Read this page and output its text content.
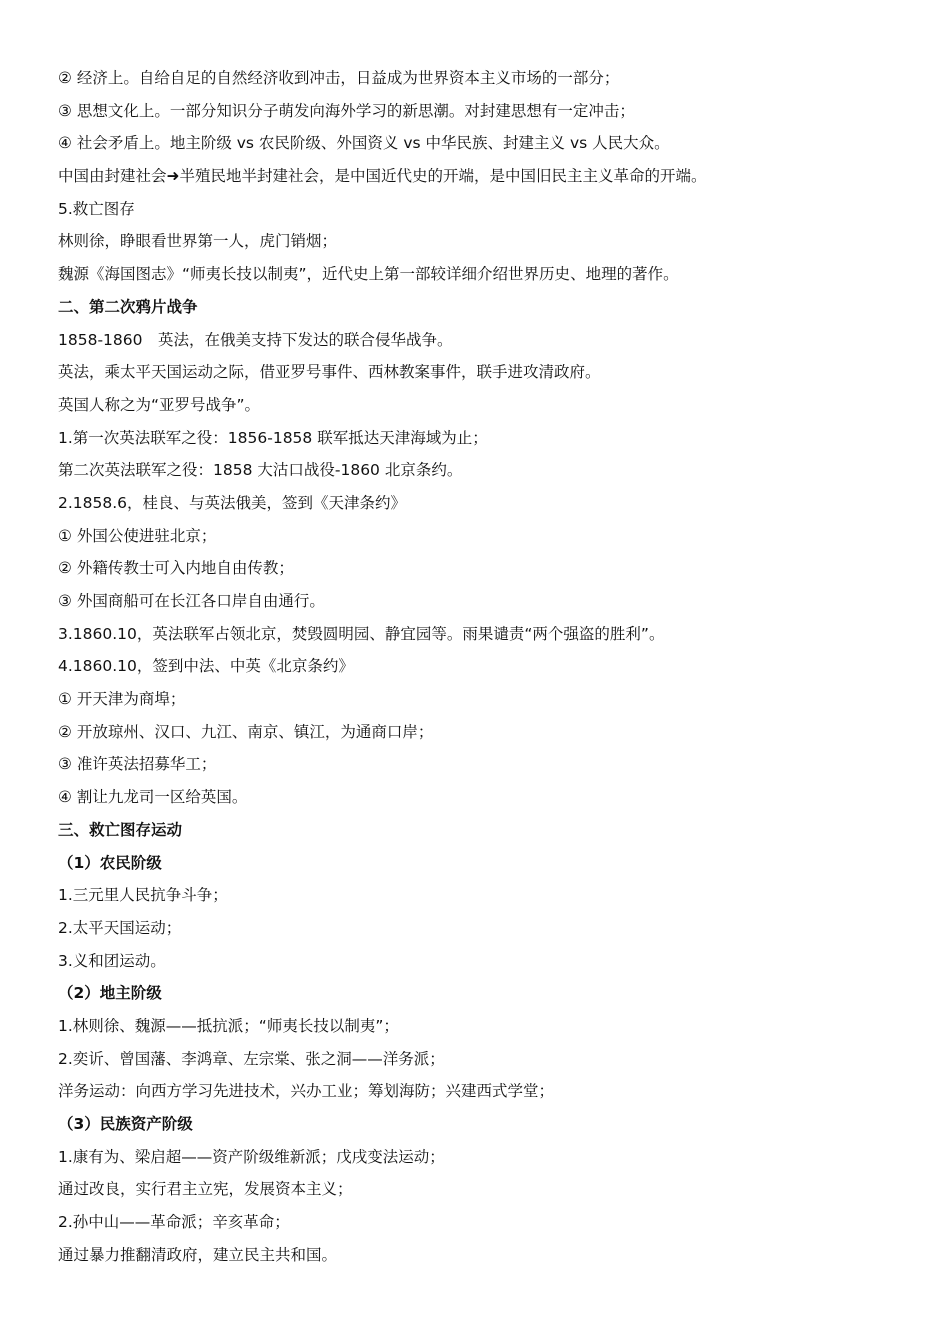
② 经济上。自给自足的自然经济收到冲击，日益成为世界资本主义市场的一部分；
③ 思想文化上。一部分知识分子萌发向海外学习的新思潮。对封建思想有一定冲击；
④ 社会矛盾上。地主阶级 vs 农民阶级、外国资义 vs 中华民族、封建主义 vs 人民大众。
中国由封建社会➜半殖民地半封建社会，是中国近代史的开端，是中国旧民主主义革命的开端。
5.救亡图存
林则徐，睁眼看世界第一人，虎门销烟；
魏源《海国图志》“师夷长技以制夷”，近代史上第一部较详细介绍世界历史、地理的著作。
二、第二次鸦片战争
1858-1860　英法，在俄美支持下发达的联合侵华战争。
英法，乘太平天国运动之际，借亚罗号事件、西林教案事件，联手进攻清政府。
英国人称之为“亚罗号战争”。
1.第一次英法联军之役：1856-1858 联军抵达天津海域为止；
第二次英法联军之役：1858 大沽口战役-1860 北京条约。
2.1858.6，桂良、与英法俄美，签到《天津条约》
① 外国公使进驻北京；
② 外籍传教士可入内地自由传教；
③ 外国商船可在长江各口岸自由通行。
3.1860.10，英法联军占领北京，焚毁圆明园、静宜园等。雨果谴责“两个强盗的胜利”。
4.1860.10，签到中法、中英《北京条约》
① 开天津为商埠；
② 开放琼州、汉口、九江、南京、镇江，为通商口岸；
③ 准许英法招募华工；
④ 割让九龙司一区给英国。
三、救亡图存运动
（1）农民阶级
1.三元里人民抗争斗争；
2.太平天国运动；
3.义和团运动。
（2）地主阶级
1.林则徐、魏源——抵抗派；“师夷长技以制夷”；
2.奕䜣、曾国藩、李鸿章、左宗棠、张之洞——洋务派；
洋务运动：向西方学习先进技术，兴办工业；筹划海防；兴建西式学堂；
（3）民族资产阶级
1.康有为、梁启超——资产阶级维新派；戊戌变法运动；
通过改良，实行君主立宪，发展资本主义；
2.孙中山——革命派；辛亥革命；
通过暴力推翻清政府，建立民主共和国。
